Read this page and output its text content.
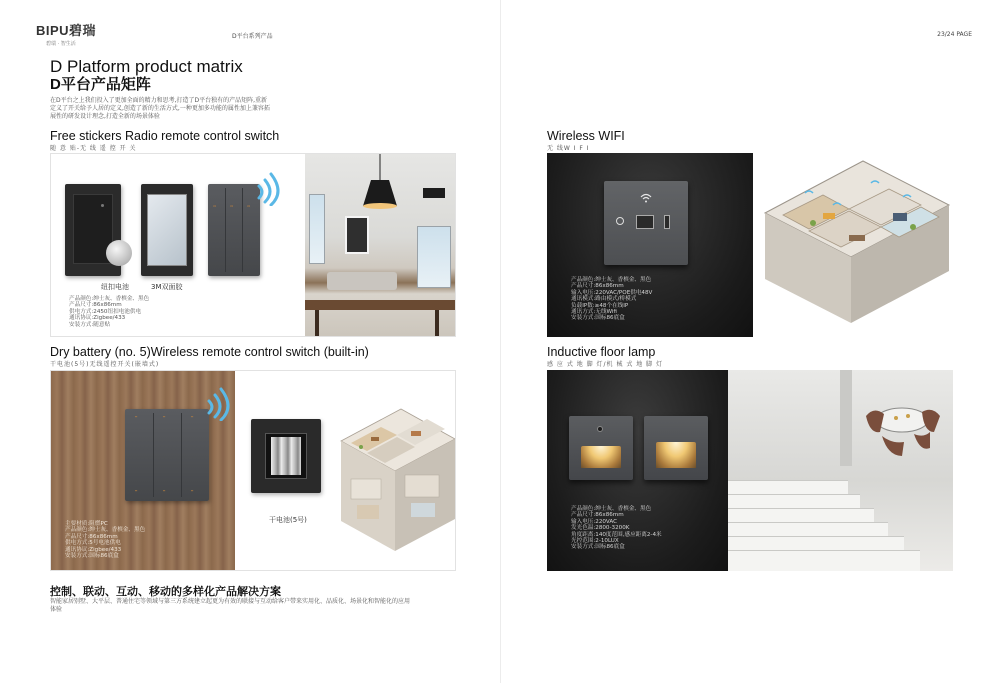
BIPU碧瑞
碧瑞 · 智生活
D平台系列产品	23/24 PAGE
D Platform product matrix
D平台产品矩阵
在D平台之上我们投入了更加全面的精力和思考,打造了D平台独有的产品矩阵,重新定义了开关给予人居的定义,创造了新的生活方式,一种更加多功能的属性加上兼容拓展性的研发设计理念,打造全新的场景体验
Free stickers Radio remote control switch
随 意 贴-无 线 遥 控 开 关
▭	▭	▭
纽扣电池	3M双面胶
产品颜色:绅士灰、香槟金、黑色
产品尺寸:86x86mm
供电方式:2450纽扣电池供电
通讯协议:Zigbee/433
安装方式:随意贴
Wireless WIFI
无 线W I F I
产品颜色:绅士灰、香槟金、黑色
产品尺寸:86x86mm
输入电压:220VAC/POE供电48V
通讯模式:路由模式/桥模式
负载IP数:≥48个在线IP
通讯方式:无线Wifi
安装方式:国标86底盒
Dry battery (no. 5)Wireless remote control switch (built-in)
干电池(5号)无线遥控开关(嵌墙式)
━	━	━
━	━	━
主要材质:阻燃PC
产品颜色:绅士灰、香槟金、黑色
产品尺寸:86x86mm
供电方式:5号电池供电
通讯协议:Zigbee/433
安装方式:国标86底盒
干电池(5号)
Inductive floor lamp
感 应 式 地 脚 灯/机 械 式 地 脚 灯
产品颜色:绅士灰、香槟金、黑色
产品尺寸:86x86mm
输入电压:220VAC
发光色温:2800-3200K
角度距离:140度范围,感应距离2-4米
光控范围:2-10LUX
安装方式:国标86底盒
控制、联动、互动、移动的多样化产品解决方案
智能家居别墅、大平层、普通住宅等领域与第三方系统建立起更为有效的联接与互动给客户带来实用化、品质化、场景化和智能化的应用体验
